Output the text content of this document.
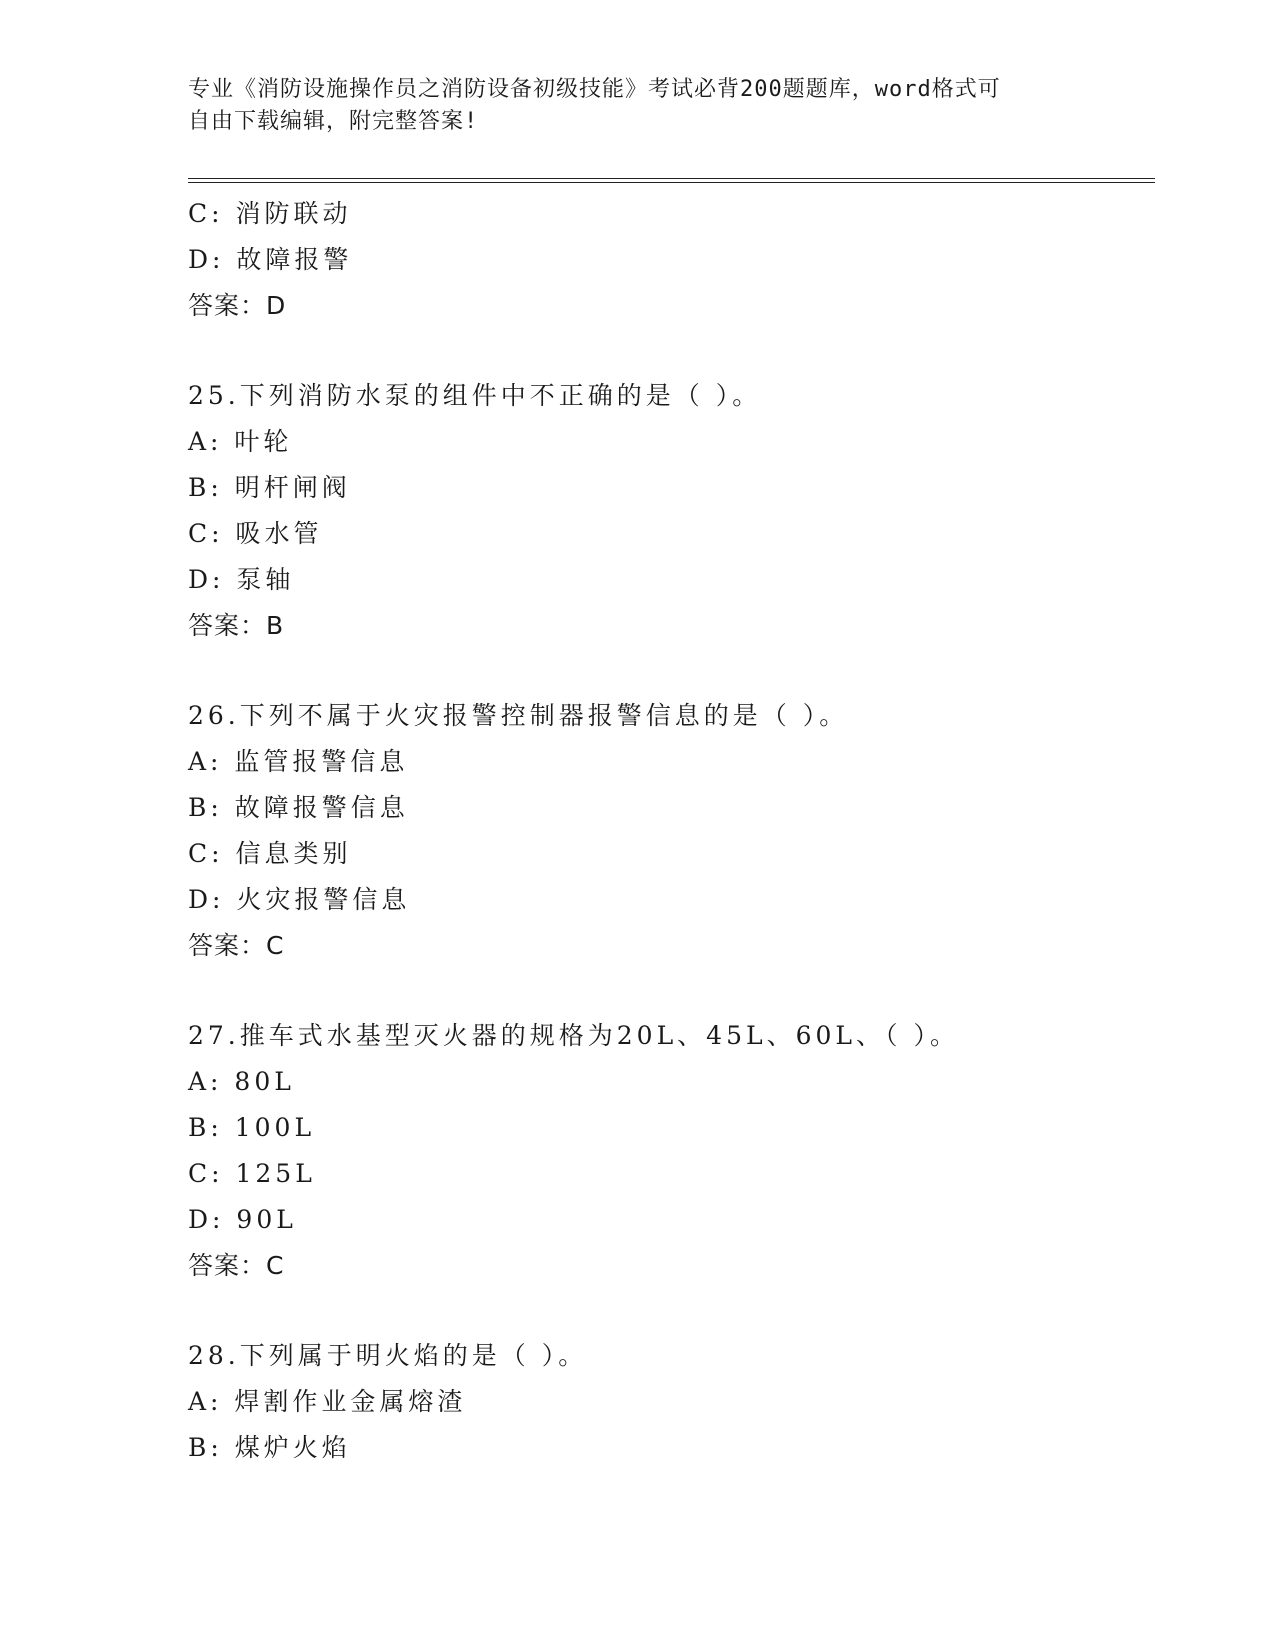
专业《消防设施操作员之消防设备初级技能》考试必背200题题库，word格式可
自由下载编辑，附完整答案!
C: 消防联动
D: 故障报警
答案：D
25.下列消防水泵的组件中不正确的是（ ）。
A: 叶轮
B: 明杆闸阀
C: 吸水管
D: 泵轴
答案：B
26.下列不属于火灾报警控制器报警信息的是（ ）。
A: 监管报警信息
B: 故障报警信息
C: 信息类别
D: 火灾报警信息
答案：C
27.推车式水基型灭火器的规格为20L、45L、60L、（ ）。
A: 80L
B: 100L
C: 125L
D: 90L
答案：C
28.下列属于明火焰的是（ ）。
A: 焊割作业金属熔渣
B: 煤炉火焰
